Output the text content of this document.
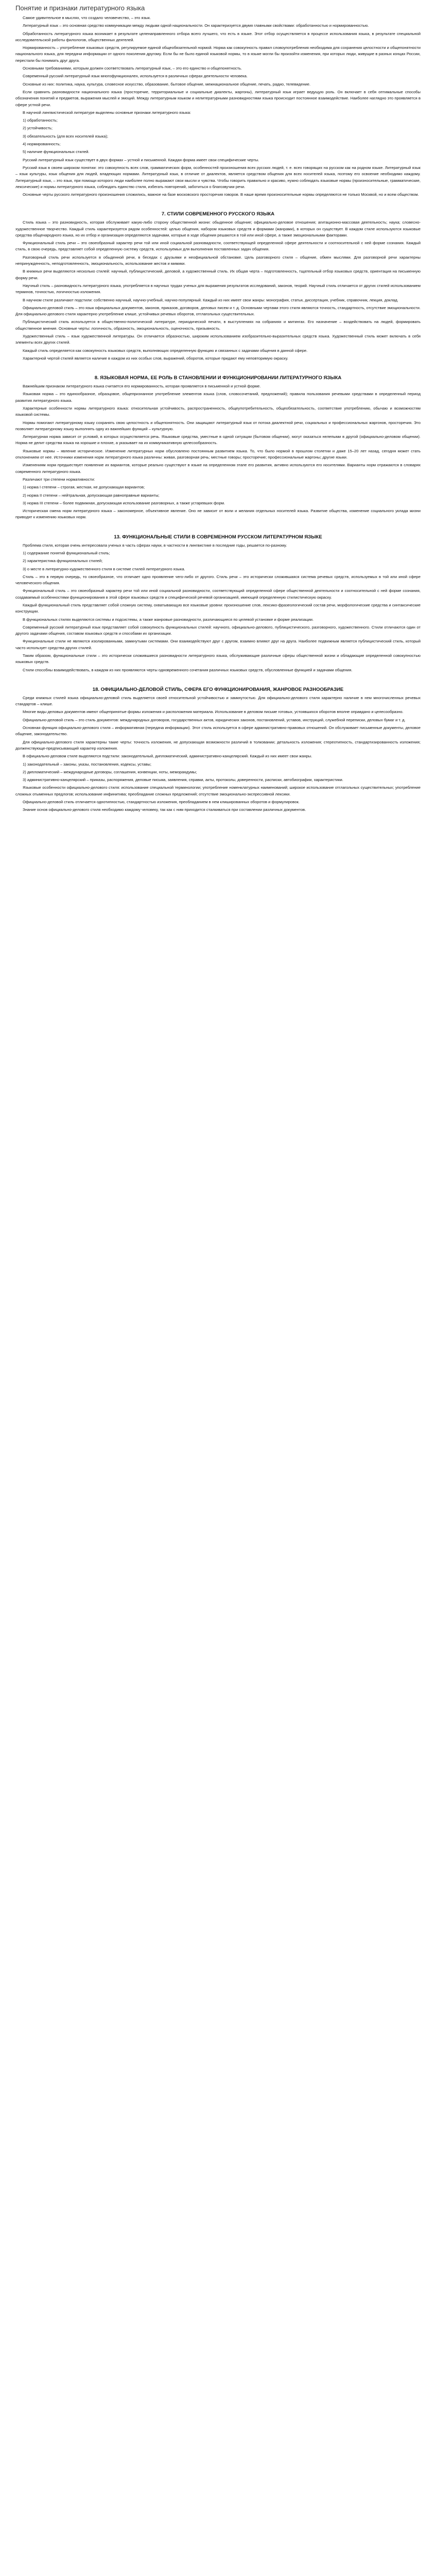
Понятие и признаки литературного языка

Самое удивительное в мыслях, что создало человечество, – это язык.

Литературный язык – это основная средство коммуникации между людьми одной национальности. Он характеризуется двумя главными свойствами: обработанностью и нормированностью.

Обработанность литературного языка возникает в результате целенаправленного отбора всего лучшего, что есть в языке. Этот отбор осуществляется в процессе использования языка, в результате специальной исследовательской работы филологов, общественных деятелей.

Нормированность – употребление языковых средств, регулируемое единой общеобязательной нормой. Норма как совокупность правил словоупотребления необходима для сохранения целостности и общепонятности национального языка, для передачи информации от одного поколения другому. Если бы не было единой языковой нормы, то в языке могли бы произойти изменения, при которых люди, живущие в разных концах России, перестали бы понимать друг друга.

Основными требованиями, которым должен соответствовать литературный язык, – это его единство и общепонятность.

Современный русский литературный язык многофункционален, используется в различных сферах деятельности человека.

Основные из них: политика, наука, культура, словесное искусство, образование, бытовое общение, межнациональное общение, печать, радио, телевидение.

Если сравнить разновидности национального языка (просторечие, территориальные и социальные диалекты, жаргоны), литературный язык играет ведущую роль. Он включает в себя оптимальные способы обозначения понятий и предметов, выражения мыслей и эмоций. Между литературным языком и нелитературными разновидностями языка происходит постоянное взаимодействие. Наиболее наглядно это проявляется в сфере устной речи.

В научной лингвистической литературе выделены основные признаки литературного языка:

1) обработанность;

2) устойчивость;

3) обязательность (для всех носителей языка);

4) нормированность;

5) наличие функциональных стилей.

Русский литературный язык существует в двух формах – устной и письменной. Каждая форма имеет свои специфические черты.

Русский язык в своем широком понятии: это совокупность всех слов, грамматических форм, особенностей произношения всех русских людей, т. е. всех говорящих на русском как на родном языке. Литературный язык – язык культуры, язык общения для людей, владеющих нормами. Литературный язык, в отличие от диалектов, является средством общения для всех носителей языка, поэтому его освоение необходимо каждому. Литературный язык, – это язык, при помощи которого люди наиболее полно выражают свои мысли и чувства. Чтобы говорить правильно и красиво, нужно соблюдать языковые нормы (произносительные, грамматические, лексические) и нормы литературного языка, соблюдать единство стиля, избегать повторений, заботиться о благозвучии речи.

Основные черты русского литературного произношения сложились, важное на базе московского просторечия говоров. В наше время произносительные нормы определяются не только Москвой, но и всем обществом.

7. СТИЛИ СОВРЕМЕННОГО РУССКОГО ЯЗЫКА

Стиль языка – это разновидность, которая обслуживает какую-либо сторону общественной жизни: обыденное общение; официально-деловое отношения; агитационно-массовая деятельность; наука; словесно-художественное творчество. Каждый стиль характеризуется рядом особенностей: целью общения, набором языковых средств и формами (жанрами), в которых он существует. В каждом стиле используются языковые средства общенародного языка, но их отбор и организация определяются задачами, которые в ходе общения решаются в той или иной сфере, а также эмоциональными факторами.

Функциональный стиль речи – это своеобразный характер речи той или иной социальной разновидности, соответствующей определенной сфере деятельности и соотносительной с ней форме сознания. Каждый стиль, в свою очередь, представляет собой определенную систему средств, используемых для выполнения поставленных задач общения.

Разговорный стиль речи используется в обыденной речи, в беседах с друзьями и неофициальной обстановке. Цель разговорного стиля – общение, обмен мыслями. Для разговорной речи характерны непринужденность, неподготовленность, эмоциональность, использование жестов и мимики.

В книжных речи выделяются несколько стилей: научный, публицистический, деловой, а художественный стиль. Их общая черта – подготовленность, тщательный отбор языковых средств, ориентация на письменную форму речи.

Научный стиль – разновидность литературного языка, употребляется в научных трудах ученых для выражения результатов исследований, законов, теорий. Научный стиль отличается от других стилей использованием терминов, точностью, логичностью изложения.

В научном стиле различают подстили: собственно научный, научно-учебный, научно-популярный. Каждый из них имеет свои жанры: монография, статья, диссертация, учебник, справочник, лекция, доклад.

Официально-деловой стиль – это язык официальных документов, законов, приказов, договоров, деловых писем и т. д. Основными чертами этого стиля являются точность, стандартность, отсутствие эмоциональности. Для официально-делового стиля характерно употребление клише, устойчивых речевых оборотов, отглагольных существительных.

Публицистический стиль используется в общественно-политической литературе, периодической печати, в выступлениях на собраниях и митингах. Его назначение – воздействовать на людей, формировать общественное мнение. Основные черты: логичность, образность, эмоциональность, оценочность, призывность.

Художественный стиль – язык художественной литературы. Он отличается образностью, широким использованием изобразительно-выразительных средств языка. Художественный стиль может включать в себя элементы всех других стилей.

Каждый стиль определяется как совокупность языковых средств, выполняющих определенную функцию и связанных с задачами общения в данной сфере.

Характерной чертой стилей является наличие в каждом из них особых слов, выражений, оборотов, которые придают ему неповторимую окраску.

8. ЯЗЫКОВАЯ НОРМА, ЕЕ РОЛЬ В СТАНОВЛЕНИИ И ФУНКЦИОНИРОВАНИИ ЛИТЕРАТУРНОГО ЯЗЫКА

Важнейшим признаком литературного языка считается его нормированность, которая проявляется в письменной и устной форме.

Языковая норма – это единообразное, образцовое, общепризнанное употребление элементов языка (слов, словосочетаний, предложений); правила пользования речевыми средствами в определенный период развития литературного языка.

Характерные особенности нормы литературного языка: относительная устойчивость, распространенность, общеупотребительность, общеобязательность, соответствие употреблению, обычаю и возможностям языковой системы.

Нормы помогают литературному языку сохранять свою целостность и общепонятность. Они защищают литературный язык от потока диалектной речи, социальных и профессиональных жаргонов, просторечия. Это позволяет литературному языку выполнять одну из важнейших функций – культурную.

Литературная норма зависит от условий, в которых осуществляется речь. Языковые средства, уместные в одной ситуации (бытовом общении), могут оказаться нелепыми в другой (официально-деловом общении). Норма не делит средства языка на хорошие и плохие, а указывает на их коммуникативную целесообразность.

Языковые нормы – явление историческое. Изменение литературных норм обусловлено постоянным развитием языка. То, что было нормой в прошлом столетии и даже 15–20 лет назад, сегодня может стать отклонением от нее. Источники изменения норм литературного языка различны: живая, разговорная речь; местные говоры; просторечие; профессиональные жаргоны; другие языки.

Изменениям норм предшествует появление их вариантов, которые реально существуют в языке на определенном этапе его развития, активно используются его носителями. Варианты норм отражаются в словарях современного литературного языка.

Различают три степени нормативности:

1) норма I степени – строгая, жесткая, не допускающая вариантов;

2) норма II степени – нейтральная, допускающая равноправные варианты;

3) норма III степени – более подвижная, допускающая использование разговорных, а также устаревших форм.

Историческая смена норм литературного языка – закономерное, объективное явление. Оно не зависит от воли и желания отдельных носителей языка. Развитие общества, изменение социального уклада жизни приводят к изменению языковых норм.

13. ФУНКЦИОНАЛЬНЫЕ СТИЛИ В СОВРЕМЕННОМ РУССКОМ ЛИТЕРАТУРНОМ ЯЗЫКЕ

Проблема стиля, которая очень интересовала ученых в часть сферах науки, в частности в лингвистике в последние годы, решается по-разному.

1) содержание понятий функциональный стиль;

2) характеристика функциональных стилей;

3) о месте в литературно-художественного стиля в системе стилей литературного языка.

Стиль – это в первую очередь, то своеобразное, что отличает одно проявление чего-либо от другого. Стиль речи – это исторически сложившаяся система речевых средств, используемых в той или иной сфере человеческого общения.

Функциональный стиль – это своеобразный характер речи той или иной социальной разновидности, соответствующий определенной сфере общественной деятельности и соотносительной с ней форме сознания, создаваемый особенностями функционирования в этой сфере языковых средств и специфической речевой организацией, имеющей определенную стилистическую окраску.

Каждый функциональный стиль представляет собой сложную систему, охватывающую все языковые уровни: произношение слов, лексико-фразеологический состав речи, морфологические средства и синтаксические конструкции.

В функциональных стилях выделяются системы и подсистемы, а также жанровые разновидности, различающиеся по целевой установке и форме реализации.

Современный русский литературный язык представляет собой совокупность функциональных стилей: научного, официально-делового, публицистического, разговорного, художественного. Стили отличаются один от другого задачами общения, составом языковых средств и способами их организации.

Функциональные стили не являются изолированными, замкнутыми системами. Они взаимодействуют друг с другом, взаимно влияют друг на друга. Наиболее подвижным является публицистический стиль, который часто использует средства других стилей.

Таким образом, функциональные стили – это исторически сложившиеся разновидности литературного языка, обслуживающие различные сферы общественной жизни и обладающие определенной совокупностью языковых средств.

Стили способны взаимодействовать, в каждом из них проявляются черты одновременного сочетания различных языковых средств, обусловленные функцией и задачами общения.

18. ОФИЦИАЛЬНО-ДЕЛОВОЙ СТИЛЬ, СФЕРА ЕГО ФУНКЦИОНИРОВАНИЯ, ЖАНРОВОЕ РАЗНООБРАЗИЕ

Среди книжных стилей языка официально-деловой стиль выделяется своей относительной устойчивостью и замкнутостью. Для официально-делового стиля характерно наличие в нем многочисленных речевых стандартов – клише.

Многие виды деловых документов имеют общепринятые формы изложения и расположения материала. Использование в деловом письме готовых, устоявшихся оборотов вполне оправдано и целесообразно.

Официально-деловой стиль – это стиль документов: международных договоров, государственных актов, юридических законов, постановлений, уставов, инструкций, служебной переписки, деловых бумаг и т. д.

Основная функция официально-делового стиля – информативная (передача информации). Этот стиль используется в сфере административно-правовых отношений. Он обслуживает письменные документы, деловое общение, законодательство.

Для официально-делового стиля характерны такие черты: точность изложения, не допускающая возможности различий в толковании; детальность изложения; стереотипность, стандартизированность изложения; долженствующе-предписывающий характер изложения.

В официально-деловом стиле выделяются подстили: законодательный, дипломатический, административно-канцелярский. Каждый из них имеет свои жанры.

1) законодательный – законы, указы, постановления, кодексы, уставы;

2) дипломатический – международные договоры, соглашения, конвенции, ноты, меморандумы;

3) административно-канцелярский – приказы, распоряжения, деловые письма, заявления, справки, акты, протоколы, доверенности, расписки, автобиографии, характеристики.

Языковые особенности официально-делового стиля: использование специальной терминологии; употребление номенклатурных наименований; широкое использование отглагольных существительных; употребление сложных отыменных предлогов; использование инфинитива; преобладание сложных предложений; отсутствие эмоционально-экспрессивной лексики.

Официально-деловой стиль отличается однотипностью, стандартностью изложения, преобладанием в нем клишированных оборотов и формулировок.

Знание основ официально-делового стиля необходимо каждому человеку, так как с ним приходится сталкиваться при составлении различных документов.
